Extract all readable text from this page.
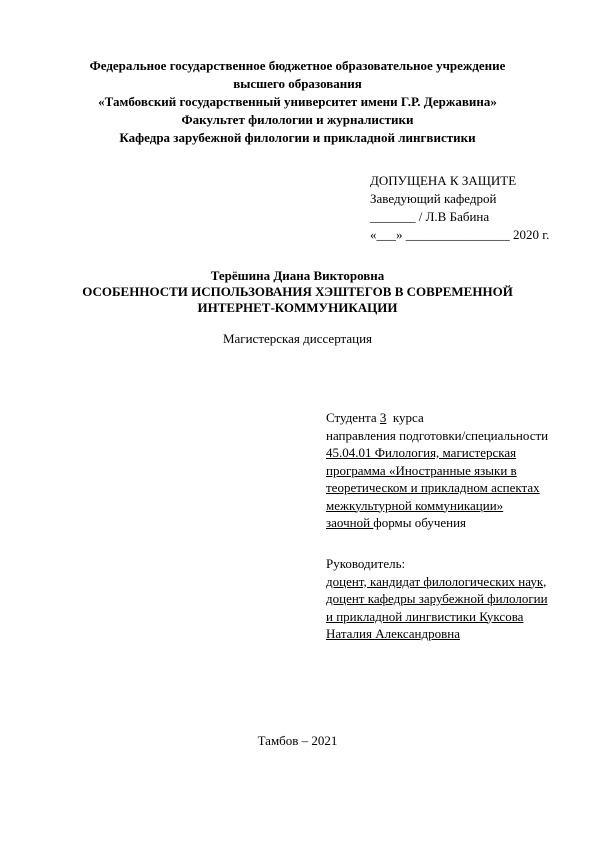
Федеральное государственное бюджетное образовательное учреждение
высшего образования
«Тамбовский государственный университет имени Г.Р. Державина»
Факультет филологии и журналистики
Кафедра зарубежной филологии и прикладной лингвистики
ДОПУЩЕНА К ЗАЩИТЕ
Заведующий кафедрой
_______ / Л.В Бабина
«___» ________________ 2020 г.
Терёшина Диана Викторовна
ОСОБЕННОСТИ ИСПОЛЬЗОВАНИЯ ХЭШТЕГОВ В СОВРЕМЕННОЙ
ИНТЕРНЕТ-КОММУНИКАЦИИ
Магистерская диссертация
Студента 3  курса
направления подготовки/специальности
45.04.01 Филология, магистерская
программа «Иностранные языки в
теоретическом и прикладном аспектах
межкультурной коммуникации»
заочной формы обучения
Руководитель:
доцент, кандидат филологических наук,
доцент кафедры зарубежной филологии
и прикладной лингвистики Куксова
Наталия Александровна
Тамбов – 2021
